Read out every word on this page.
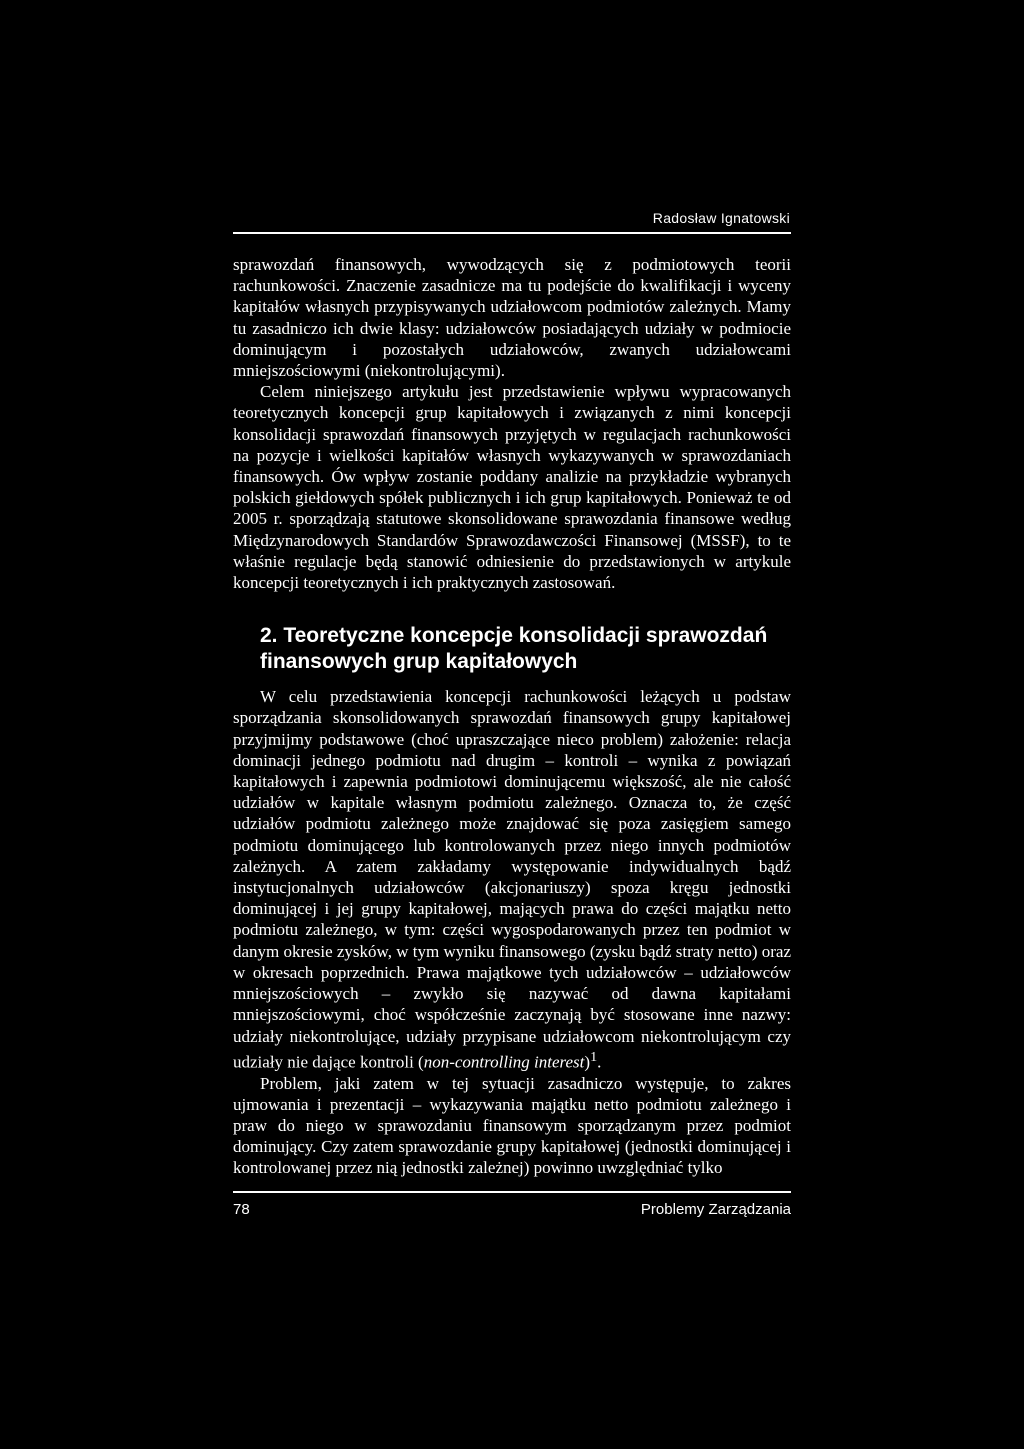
Radosław Ignatowski

sprawozdań finansowych, wywodzących się z podmiotowych teorii rachunkowości. Znaczenie zasadnicze ma tu podejście do kwalifikacji i wyceny kapitałów własnych przypisywanych udziałowcom podmiotów zależnych. Mamy tu zasadniczo ich dwie klasy: udziałowców posiadających udziały w podmiocie dominującym i pozostałych udziałowców, zwanych udziałowcami mniejszościowymi (niekontrolującymi).

Celem niniejszego artykułu jest przedstawienie wpływu wypracowanych teoretycznych koncepcji grup kapitałowych i związanych z nimi koncepcji konsolidacji sprawozdań finansowych przyjętych w regulacjach rachunkowości na pozycje i wielkości kapitałów własnych wykazywanych w sprawozdaniach finansowych. Ów wpływ zostanie poddany analizie na przykładzie wybranych polskich giełdowych spółek publicznych i ich grup kapitałowych. Ponieważ te od 2005 r. sporządzają statutowe skonsolidowane sprawozdania finansowe według Międzynarodowych Standardów Sprawozdawczości Finansowej (MSSF), to te właśnie regulacje będą stanowić odniesienie do przedstawionych w artykule koncepcji teoretycznych i ich praktycznych zastosowań.

2. Teoretyczne koncepcje konsolidacji sprawozdań finansowych grup kapitałowych

W celu przedstawienia koncepcji rachunkowości leżących u podstaw sporządzania skonsolidowanych sprawozdań finansowych grupy kapitałowej przyjmijmy podstawowe (choć upraszczające nieco problem) założenie: relacja dominacji jednego podmiotu nad drugim – kontroli – wynika z powiązań kapitałowych i zapewnia podmiotowi dominującemu większość, ale nie całość udziałów w kapitale własnym podmiotu zależnego. Oznacza to, że część udziałów podmiotu zależnego może znajdować się poza zasięgiem samego podmiotu dominującego lub kontrolowanych przez niego innych podmiotów zależnych. A zatem zakładamy występowanie indywidualnych bądź instytucjonalnych udziałowców (akcjonariuszy) spoza kręgu jednostki dominującej i jej grupy kapitałowej, mających prawa do części majątku netto podmiotu zależnego, w tym: części wygospodarowanych przez ten podmiot w danym okresie zysków, w tym wyniku finansowego (zysku bądź straty netto) oraz w okresach poprzednich. Prawa majątkowe tych udziałowców – udziałowców mniejszościowych – zwykło się nazywać od dawna kapitałami mniejszościowymi, choć współcześnie zaczynają być stosowane inne nazwy: udziały niekontrolujące, udziały przypisane udziałowcom niekontrolującym czy udziały nie dające kontroli (non-controlling interest)$^1$.

Problem, jaki zatem w tej sytuacji zasadniczo występuje, to zakres ujmowania i prezentacji – wykazywania majątku netto podmiotu zależnego i praw do niego w sprawozdaniu finansowym sporządzanym przez podmiot dominujący. Czy zatem sprawozdanie grupy kapitałowej (jednostki dominującej i kontrolowanej przez nią jednostki zależnej) powinno uwzględniać tylko

78	Problemy Zarządzania
